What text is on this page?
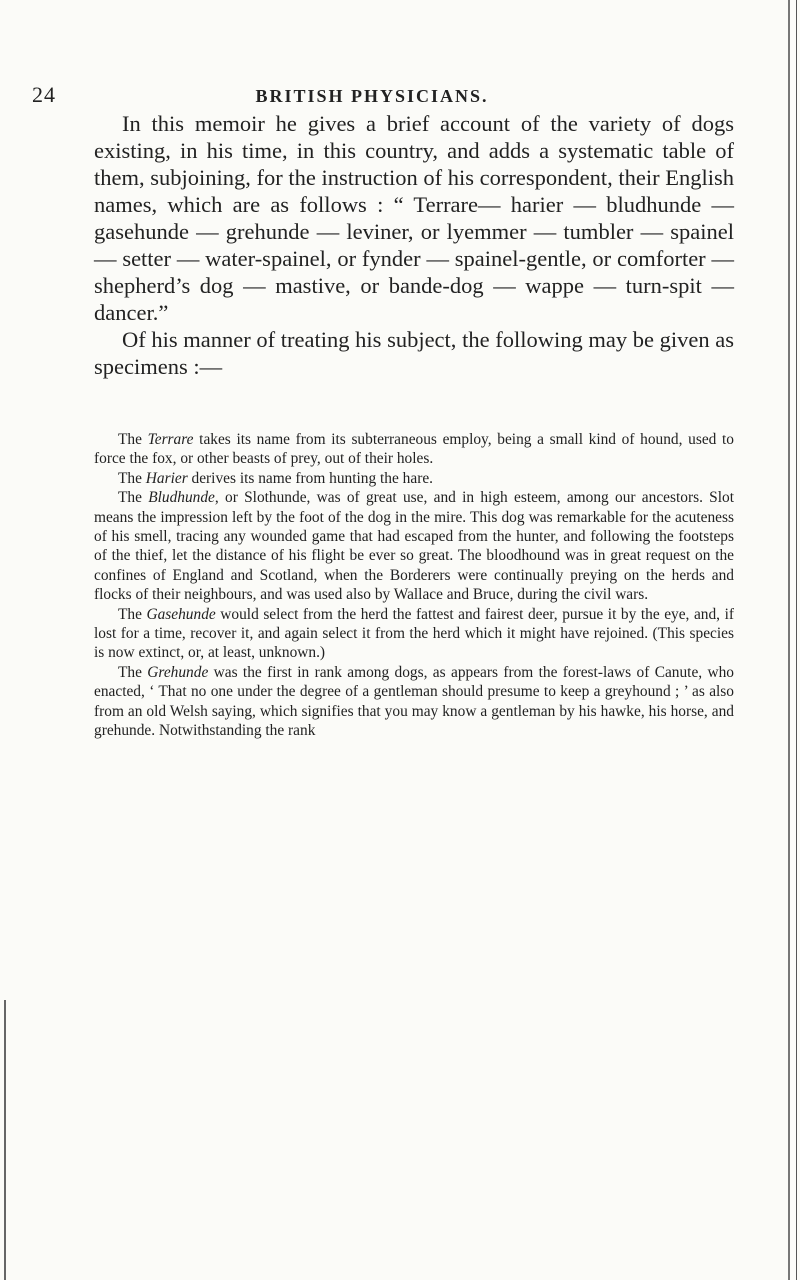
24	BRITISH PHYSICIANS.

In this memoir he gives a brief account of the variety of dogs existing, in his time, in this country, and adds a systematic table of them, subjoining, for the instruction of his correspondent, their English names, which are as follows : “ Terrare— harier — bludhunde — gasehunde — grehunde — leviner, or lyemmer — tumbler — spainel — setter — water-spainel, or fynder — spainel-gentle, or comforter — shepherd’s dog — mastive, or bande-dog — wappe — turn-spit — dancer.”

Of his manner of treating his subject, the following may be given as specimens :—

The Terrare takes its name from its subterraneous employ, being a small kind of hound, used to force the fox, or other beasts of prey, out of their holes.

The Harier derives its name from hunting the hare.

The Bludhunde, or Slothunde, was of great use, and in high esteem, among our ancestors. Slot means the impression left by the foot of the dog in the mire. This dog was remarkable for the acuteness of his smell, tracing any wounded game that had escaped from the hunter, and following the footsteps of the thief, let the distance of his flight be ever so great. The bloodhound was in great request on the confines of England and Scotland, when the Borderers were continually preying on the herds and flocks of their neighbours, and was used also by Wallace and Bruce, during the civil wars.

The Gasehunde would select from the herd the fattest and fairest deer, pursue it by the eye, and, if lost for a time, recover it, and again select it from the herd which it might have rejoined. (This species is now extinct, or, at least, unknown.)

The Grehunde was the first in rank among dogs, as appears from the forest-laws of Canute, who enacted, ‘ That no one under the degree of a gentleman should presume to keep a greyhound ; ’ as also from an old Welsh saying, which signifies that you may know a gentleman by his hawke, his horse, and grehunde. Notwithstanding the rank
